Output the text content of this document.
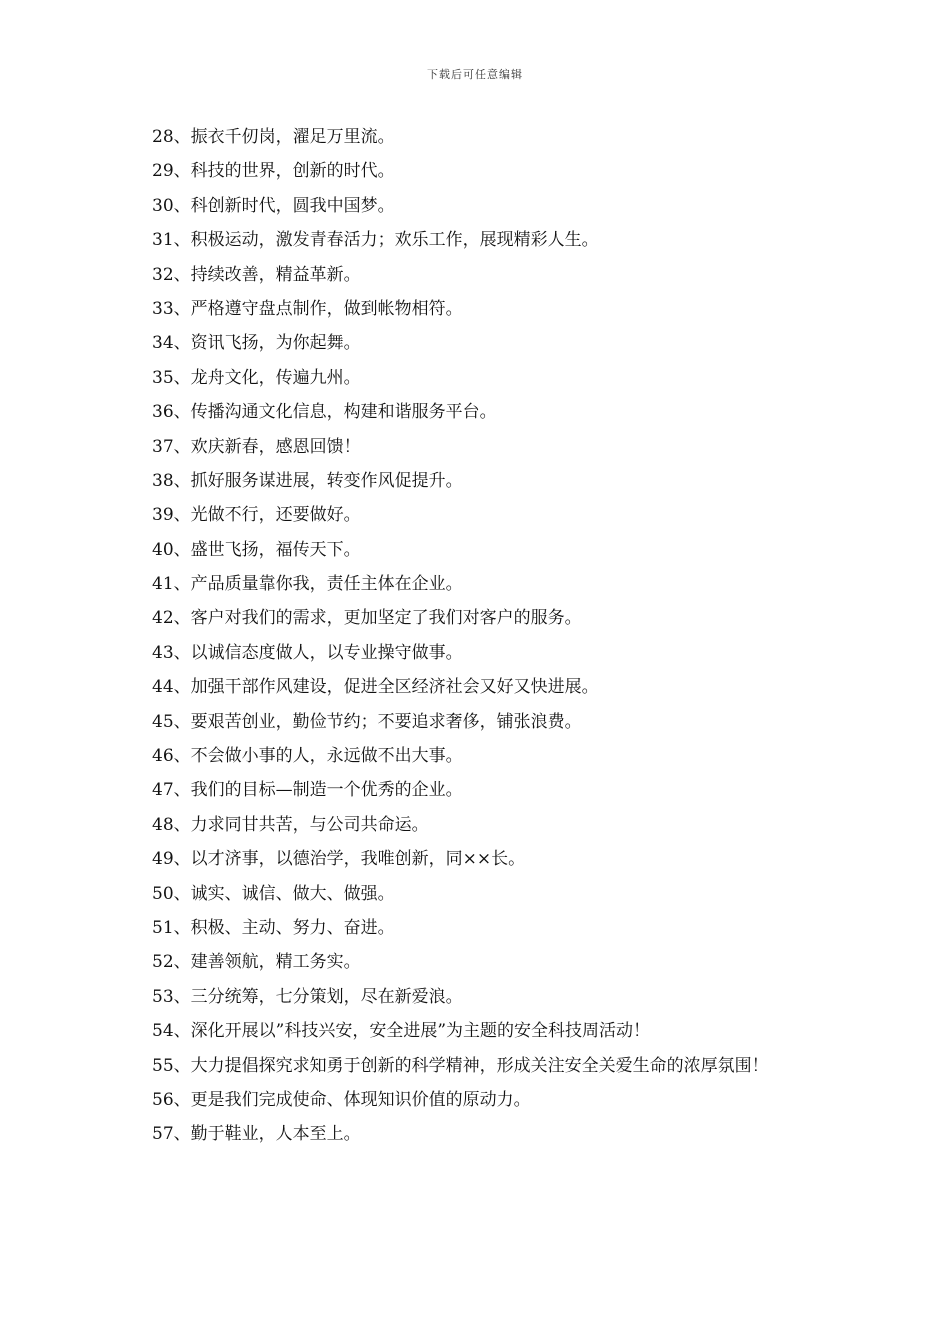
下载后可任意编辑
28、振衣千仞岗，濯足万里流。
29、科技的世界，创新的时代。
30、科创新时代，圆我中国梦。
31、积极运动，激发青春活力；欢乐工作，展现精彩人生。
32、持续改善，精益革新。
33、严格遵守盘点制作，做到帐物相符。
34、资讯飞扬，为你起舞。
35、龙舟文化，传遍九州。
36、传播沟通文化信息，构建和谐服务平台。
37、欢庆新春，感恩回馈！
38、抓好服务谋进展，转变作风促提升。
39、光做不行，还要做好。
40、盛世飞扬，福传天下。
41、产品质量靠你我，责任主体在企业。
42、客户对我们的需求，更加坚定了我们对客户的服务。
43、以诚信态度做人，以专业操守做事。
44、加强干部作风建设，促进全区经济社会又好又快进展。
45、要艰苦创业，勤俭节约；不要追求奢侈，铺张浪费。
46、不会做小事的人，永远做不出大事。
47、我们的目标—制造一个优秀的企业。
48、力求同甘共苦，与公司共命运。
49、以才济事，以德治学，我唯创新，同××长。
50、诚实、诚信、做大、做强。
51、积极、主动、努力、奋进。
52、建善领航，精工务实。
53、三分统筹，七分策划，尽在新爱浪。
54、深化开展以”科技兴安，安全进展”为主题的安全科技周活动！
55、大力提倡探究求知勇于创新的科学精神，形成关注安全关爱生命的浓厚氛围！
56、更是我们完成使命、体现知识价值的原动力。
57、勤于鞋业，人本至上。
